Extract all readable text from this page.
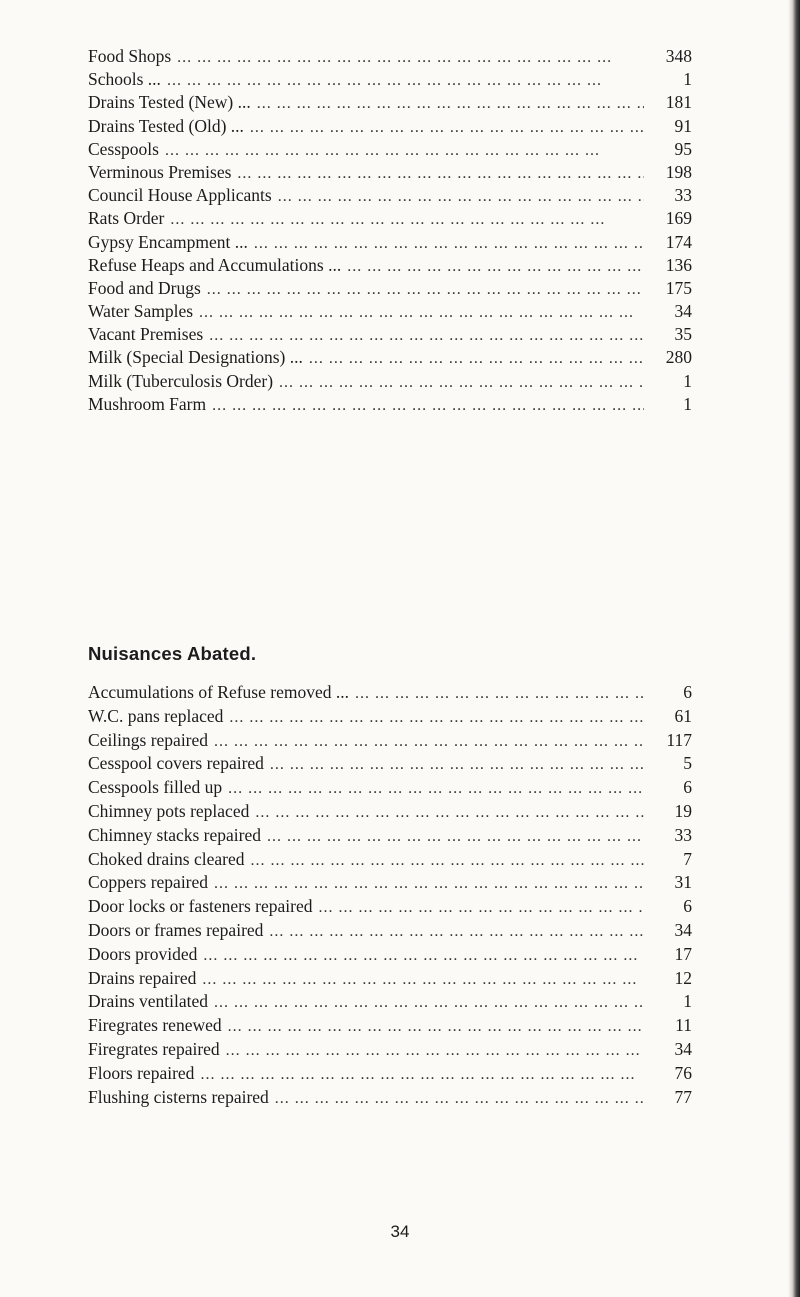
Food Shops ... .	348
Schools ... ... .	1
Drains Tested (New) ... ... .	181
Drains Tested (Old) ... ... .	91
Cesspools ... .	95
Verminous Premises ... .	198
Council House Applicants ... .	33
Rats Order ... .	169
Gypsy Encampment ... ... .	174
Refuse Heaps and Accumulations ... ... .	136
Food and Drugs ... .	175
Water Samples ... .	34
Vacant Premises ... .	35
Milk (Special Designations) ... ... .	280
Milk (Tuberculosis Order) ... .	1
Mushroom Farm ... .	1
Nuisances Abated.
Accumulations of Refuse removed ... ... .	6
W.C. pans replaced ... .	61
Ceilings repaired ... .	117
Cesspool covers repaired ... .	5
Cesspools filled up ... .	6
Chimney pots replaced ... .	19
Chimney stacks repaired ... .	33
Choked drains cleared ... .	7
Coppers repaired ... .	31
Door locks or fasteners repaired ... .	6
Doors or frames repaired ... .	34
Doors provided ... .	17
Drains repaired ... .	12
Drains ventilated ... .	1
Firegrates renewed ... .	11
Firegrates repaired ... .	34
Floors repaired ... .	76
Flushing cisterns repaired ... .	77
34
